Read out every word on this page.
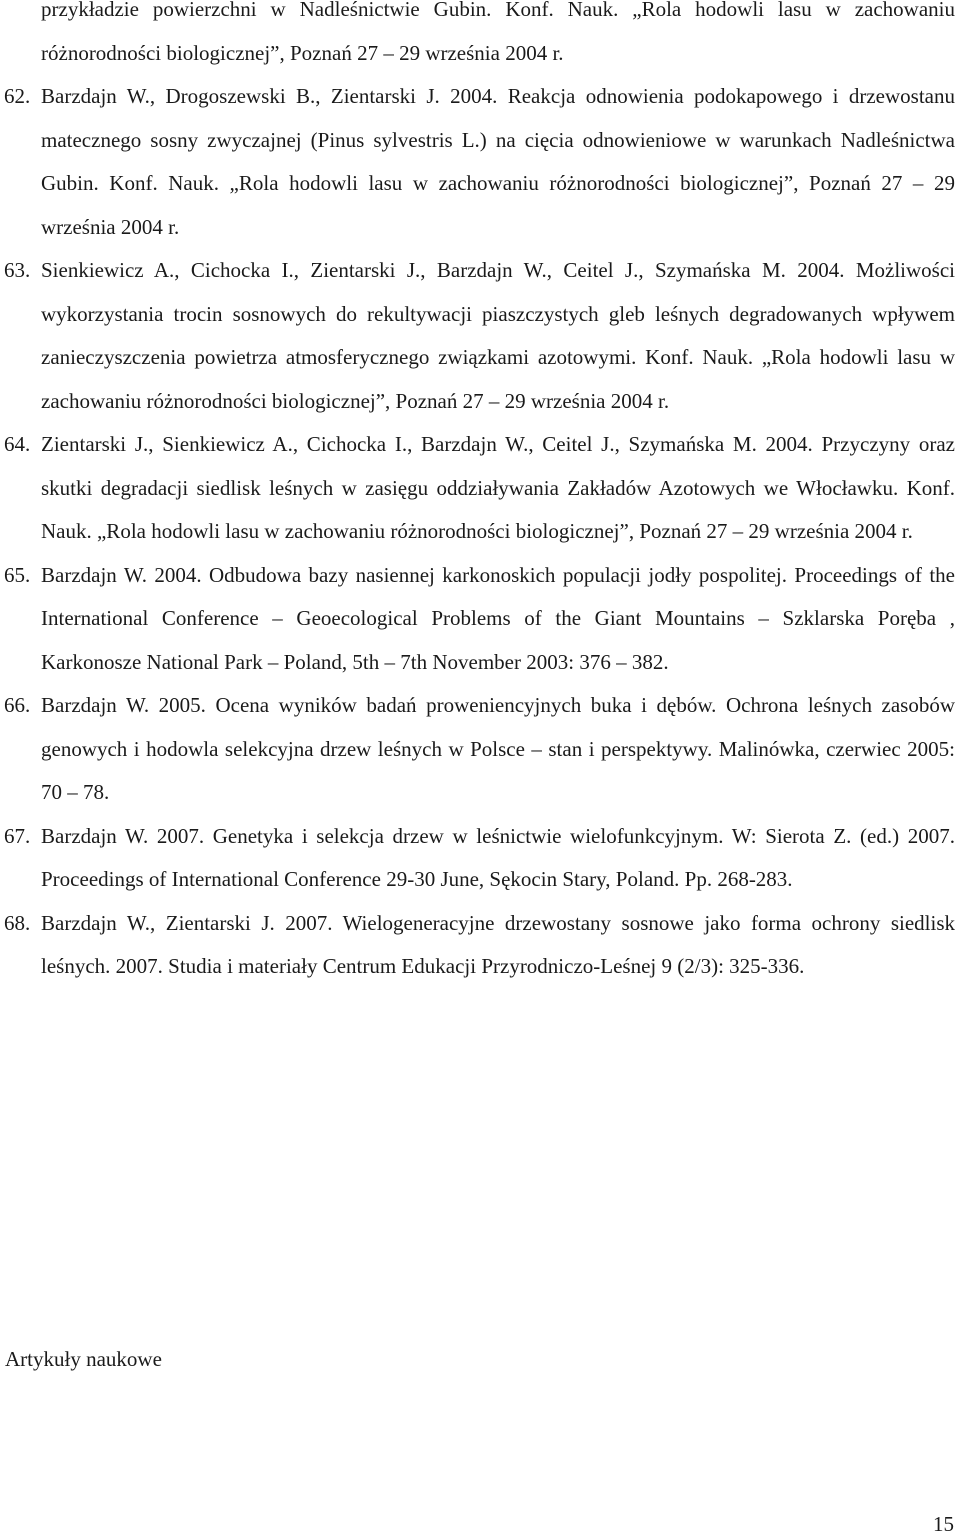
przykładzie powierzchni w Nadleśnictwie Gubin. Konf. Nauk. „Rola hodowli lasu w zachowaniu różnorodności biologicznej”, Poznań 27 – 29 września 2004 r.
62. Barzdajn W., Drogoszewski B., Zientarski J. 2004. Reakcja odnowienia podokapowego i drzewostanu matecznego sosny zwyczajnej (Pinus sylvestris L.) na cięcia odnowieniowe w warunkach Nadleśnictwa Gubin. Konf. Nauk. „Rola hodowli lasu w zachowaniu różnorodności biologicznej”, Poznań 27 – 29 września 2004 r.
63. Sienkiewicz A., Cichocka I., Zientarski J., Barzdajn W., Ceitel J., Szymańska M. 2004. Możliwości wykorzystania trocin sosnowych do rekultywacji piaszczystych gleb leśnych degradowanych wpływem zanieczyszczenia powietrza atmosferycznego związkami azotowymi. Konf. Nauk. „Rola hodowli lasu w zachowaniu różnorodności biologicznej”, Poznań 27 – 29 września 2004 r.
64. Zientarski J., Sienkiewicz A., Cichocka I., Barzdajn W., Ceitel J., Szymańska M. 2004. Przyczyny oraz skutki degradacji siedlisk leśnych w zasięgu oddziaływania Zakładów Azotowych we Włocławku. Konf. Nauk. „Rola hodowli lasu w zachowaniu różnorodności biologicznej”, Poznań 27 – 29 września 2004 r.
65. Barzdajn W. 2004. Odbudowa bazy nasiennej karkonoskich populacji jodły pospolitej. Proceedings of the International Conference – Geoecological Problems of the Giant Mountains – Szklarska Poręba , Karkonosze National Park – Poland, 5th – 7th November 2003: 376 – 382.
66. Barzdajn W. 2005. Ocena wyników badań proweniencyjnych buka i dębów. Ochrona leśnych zasobów genowych i hodowla selekcyjna drzew leśnych w Polsce – stan i perspektywy. Malinówka, czerwiec 2005: 70 – 78.
67. Barzdajn W. 2007. Genetyka i selekcja drzew w leśnictwie wielofunkcyjnym. W: Sierota Z. (ed.) 2007. Proceedings of International Conference 29-30 June, Sękocin Stary, Poland. Pp. 268-283.
68. Barzdajn W., Zientarski J. 2007. Wielogeneracyjne drzewostany sosnowe jako forma ochrony siedlisk leśnych. 2007. Studia i materiały Centrum Edukacji Przyrodniczo-Leśnej 9 (2/3): 325-336.
Artykuły naukowe
15
